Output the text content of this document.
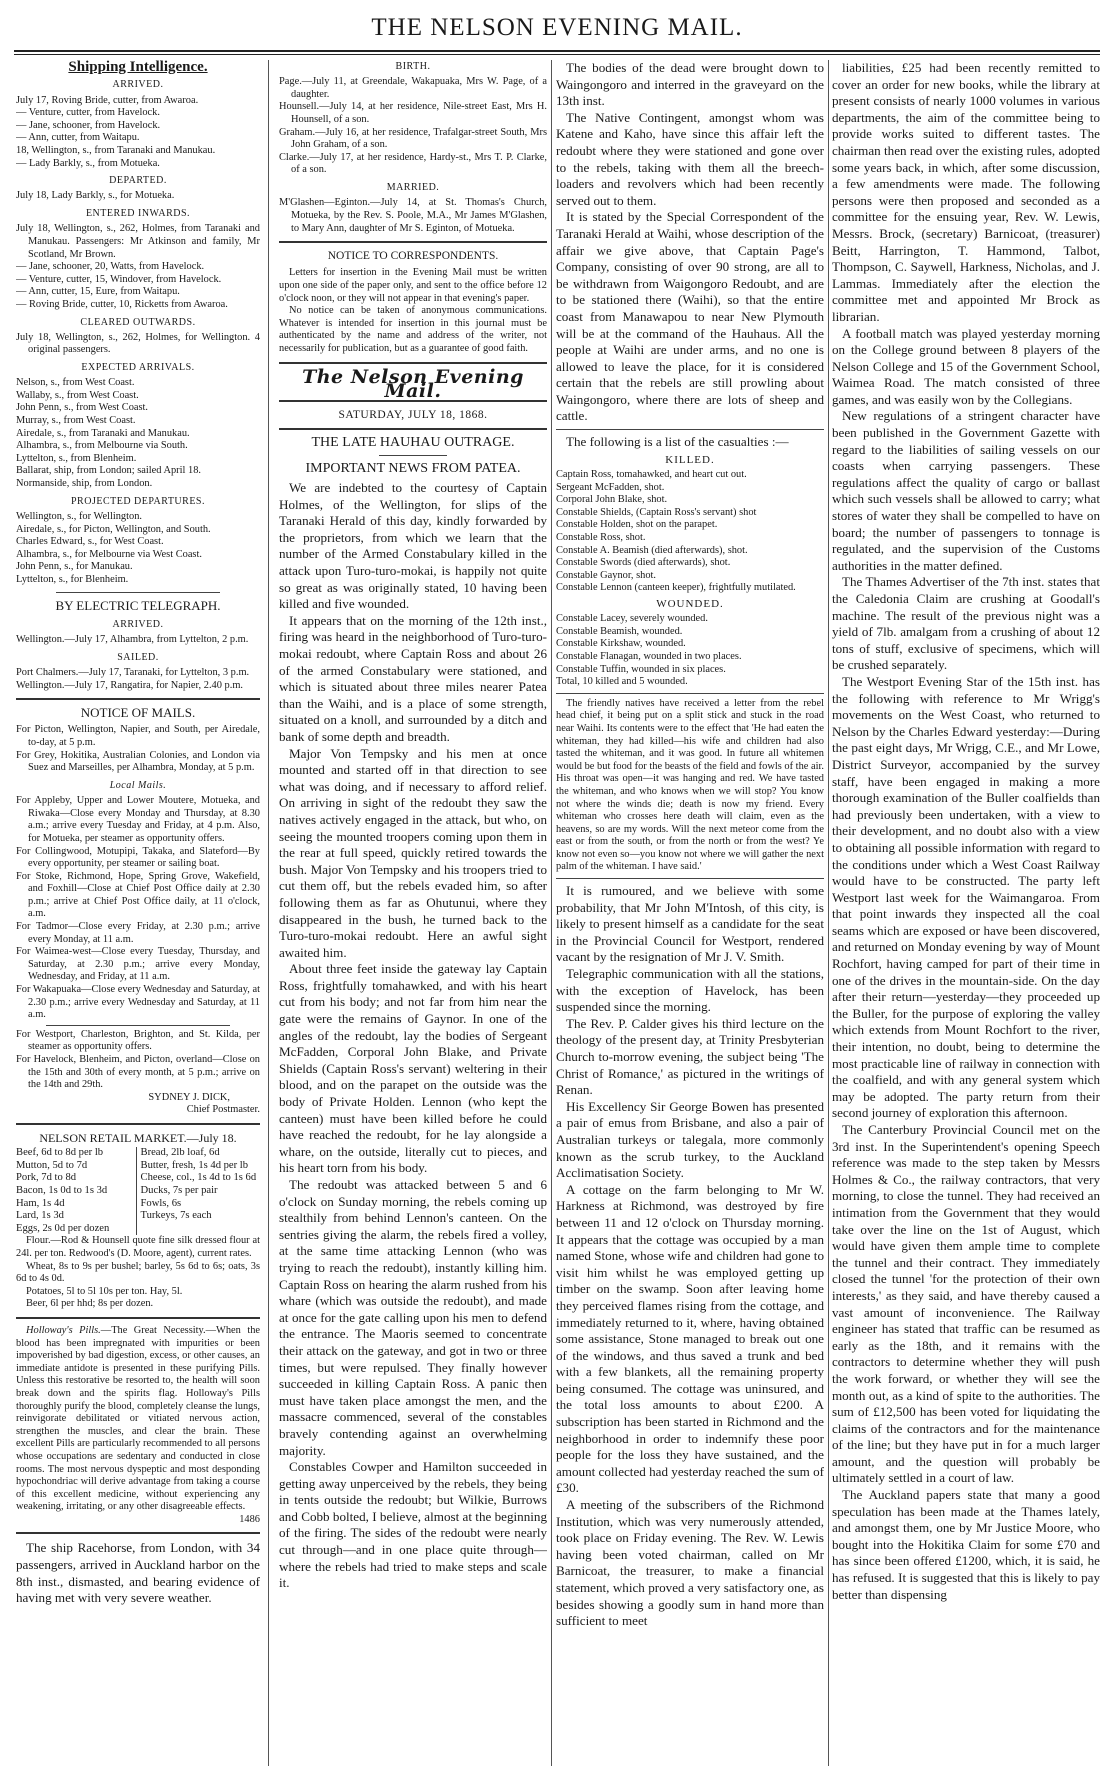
THE NELSON EVENING MAIL.
Shipping Intelligence.
ARRIVED.

July 17, Roving Bride, cutter, from Awaroa.

— Venture, cutter, from Havelock.

— Jane, schooner, from Havelock.

— Ann, cutter, from Waitapu.

18, Wellington, s., from Taranaki and Manukau.

— Lady Barkly, s., from Motueka.

DEPARTED.

July 18, Lady Barkly, s., for Motueka.

ENTERED INWARDS.

July 18, Wellington, s., 262, Holmes, from Taranaki and Manukau. Passengers: Mr Atkinson and family, Mr Scotland, Mr Brown.

— Jane, schooner, 20, Watts, from Havelock.

— Venture, cutter, 15, Windover, from Havelock.

— Ann, cutter, 15, Eure, from Waitapu.

— Roving Bride, cutter, 10, Ricketts from Awaroa.

CLEARED OUTWARDS.

July 18, Wellington, s., 262, Holmes, for Wellington. 4 original passengers.

EXPECTED ARRIVALS.

Nelson, s., from West Coast.

Wallaby, s., from West Coast.

John Penn, s., from West Coast.

Murray, s., from West Coast.

Airedale, s., from Taranaki and Manukau.

Alhambra, s., from Melbourne via South.

Lyttelton, s., from Blenheim.

Ballarat, ship, from London; sailed April 18.

Normanside, ship, from London.

PROJECTED DEPARTURES.

Wellington, s., for Wellington.

Airedale, s., for Picton, Wellington, and South.

Charles Edward, s., for West Coast.

Alhambra, s., for Melbourne via West Coast.

John Penn, s., for Manukau.

Lyttelton, s., for Blenheim.

BY ELECTRIC TELEGRAPH.
ARRIVED.

Wellington.—July 17, Alhambra, from Lyttelton, 2 p.m.

SAILED.

Port Chalmers.—July 17, Taranaki, for Lyttelton, 3 p.m.

Wellington.—July 17, Rangatira, for Napier, 2.40 p.m.

NOTICE OF MAILS.

For Picton, Wellington, Napier, and South, per Airedale, to-day, at 5 p.m.

For Grey, Hokitika, Australian Colonies, and London via Suez and Marseilles, per Alhambra, Monday, at 5 p.m.

Local Mails.

For Appleby, Upper and Lower Moutere, Motueka, and Riwaka—Close every Monday and Thursday, at 8.30 a.m.; arrive every Tuesday and Friday, at 4 p.m. Also, for Motueka, per steamer as opportunity offers.

For Collingwood, Motupipi, Takaka, and Slateford—By every opportunity, per steamer or sailing boat.

For Stoke, Richmond, Hope, Spring Grove, Wakefield, and Foxhill—Close at Chief Post Office daily at 2.30 p.m.; arrive at Chief Post Office daily, at 11 o'clock, a.m.

For Tadmor—Close every Friday, at 2.30 p.m.; arrive every Monday, at 11 a.m.

For Waimea-west—Close every Tuesday, Thursday, and Saturday, at 2.30 p.m.; arrive every Monday, Wednesday, and Friday, at 11 a.m.

For Wakapuaka—Close every Wednesday and Saturday, at 2.30 p.m.; arrive every Wednesday and Saturday, at 11 a.m.

For Westport, Charleston, Brighton, and St. Kilda, per steamer as opportunity offers.

For Havelock, Blenheim, and Picton, overland—Close on the 15th and 30th of every month, at 5 p.m.; arrive on the 14th and 29th.

SYDNEY J. DICK,

Chief Postmaster.

NELSON RETAIL MARKET.—July 18.

Beef, 6d to 8d per lb

Mutton, 5d to 7d

Pork, 7d to 8d

Bacon, 1s 0d to 1s 3d

Ham, 1s 4d

Lard, 1s 3d

Eggs, 2s 0d per dozen

Bread, 2lb loaf, 6d

Butter, fresh, 1s 4d per lb

Cheese, col., 1s 4d to 1s 6d

Ducks, 7s per pair

Fowls, 6s

Turkeys, 7s each

Flour.—Rod & Hounsell quote fine silk dressed flour at 24l. per ton. Redwood's (D. Moore, agent), current rates.

Wheat, 8s to 9s per bushel; barley, 5s 6d to 6s; oats, 3s 6d to 4s 0d.

Potatoes, 5l to 5l 10s per ton. Hay, 5l.

Beer, 6l per hhd; 8s per dozen.

Holloway's Pills.—The Great Necessity.—When the blood has been impregnated with impurities or been impoverished by bad digestion, excess, or other causes, an immediate antidote is presented in these purifying Pills. Unless this restorative be resorted to, the health will soon break down and the spirits flag. Holloway's Pills thoroughly purify the blood, completely cleanse the lungs, reinvigorate debilitated or vitiated nervous action, strengthen the muscles, and clear the brain. These excellent Pills are particularly recommended to all persons whose occupations are sedentary and conducted in close rooms. The most nervous dyspeptic and most desponding hypochondriac will derive advantage from taking a course of this excellent medicine, without experiencing any weakening, irritating, or any other disagreeable effects.

1486

The ship Racehorse, from London, with 34 passengers, arrived in Auckland harbor on the 8th inst., dismasted, and bearing evidence of having met with very severe weather.

BIRTH.

Page.—July 11, at Greendale, Wakapuaka, Mrs W. Page, of a daughter.

Hounsell.—July 14, at her residence, Nile-street East, Mrs H. Hounsell, of a son.

Graham.—July 16, at her residence, Trafalgar-street South, Mrs John Graham, of a son.

Clarke.—July 17, at her residence, Hardy-st., Mrs T. P. Clarke, of a son.

MARRIED.

M'Glashen—Eginton.—July 14, at St. Thomas's Church, Motueka, by the Rev. S. Poole, M.A., Mr James M'Glashen, to Mary Ann, daughter of Mr S. Eginton, of Motueka.

NOTICE TO CORRESPONDENTS.

Letters for insertion in the Evening Mail must be written upon one side of the paper only, and sent to the office before 12 o'clock noon, or they will not appear in that evening's paper.

No notice can be taken of anonymous communications. Whatever is intended for insertion in this journal must be authenticated by the name and address of the writer, not necessarily for publication, but as a guarantee of good faith.

The Nelson Evening Mail.
SATURDAY, JULY 18, 1868.
THE LATE HAUHAU OUTRAGE.
IMPORTANT NEWS FROM PATEA.

We are indebted to the courtesy of Captain Holmes, of the Wellington, for slips of the Taranaki Herald of this day, kindly forwarded by the proprietors, from which we learn that the number of the Armed Constabulary killed in the attack upon Turo-turo-mokai, is happily not quite so great as was originally stated, 10 having been killed and five wounded.

It appears that on the morning of the 12th inst., firing was heard in the neighborhood of Turo-turo-mokai redoubt, where Captain Ross and about 26 of the armed Constabulary were stationed, and which is situated about three miles nearer Patea than the Waihi, and is a place of some strength, situated on a knoll, and surrounded by a ditch and bank of some depth and breadth.

Major Von Tempsky and his men at once mounted and started off in that direction to see what was doing, and if necessary to afford relief. On arriving in sight of the redoubt they saw the natives actively engaged in the attack, but who, on seeing the mounted troopers coming upon them in the rear at full speed, quickly retired towards the bush. Major Von Tempsky and his troopers tried to cut them off, but the rebels evaded him, so after following them as far as Ohutunui, where they disappeared in the bush, he turned back to the Turo-turo-mokai redoubt. Here an awful sight awaited him.

About three feet inside the gateway lay Captain Ross, frightfully tomahawked, and with his heart cut from his body; and not far from him near the gate were the remains of Gaynor. In one of the angles of the redoubt, lay the bodies of Sergeant McFadden, Corporal John Blake, and Private Shields (Captain Ross's servant) weltering in their blood, and on the parapet on the outside was the body of Private Holden. Lennon (who kept the canteen) must have been killed before he could have reached the redoubt, for he lay alongside a whare, on the outside, literally cut to pieces, and his heart torn from his body.

The redoubt was attacked between 5 and 6 o'clock on Sunday morning, the rebels coming up stealthily from behind Lennon's canteen. On the sentries giving the alarm, the rebels fired a volley, at the same time attacking Lennon (who was trying to reach the redoubt), instantly killing him. Captain Ross on hearing the alarm rushed from his whare (which was outside the redoubt), and made at once for the gate calling upon his men to defend the entrance. The Maoris seemed to concentrate their attack on the gateway, and got in two or three times, but were repulsed. They finally however succeeded in killing Captain Ross. A panic then must have taken place amongst the men, and the massacre commenced, several of the constables bravely contending against an overwhelming majority.

Constables Cowper and Hamilton succeeded in getting away unperceived by the rebels, they being in tents outside the redoubt; but Wilkie, Burrows and Cobb bolted, I believe, almost at the beginning of the firing. The sides of the redoubt were nearly cut through—and in one place quite through—where the rebels had tried to make steps and scale it.

The bodies of the dead were brought down to Waingongoro and interred in the graveyard on the 13th inst.

The Native Contingent, amongst whom was Katene and Kaho, have since this affair left the redoubt where they were stationed and gone over to the rebels, taking with them all the breech-loaders and revolvers which had been recently served out to them.

It is stated by the Special Correspondent of the Taranaki Herald at Waihi, whose description of the affair we give above, that Captain Page's Company, consisting of over 90 strong, are all to be withdrawn from Waigongoro Redoubt, and are to be stationed there (Waihi), so that the entire coast from Manawapou to near New Plymouth will be at the command of the Hauhaus. All the people at Waihi are under arms, and no one is allowed to leave the place, for it is considered certain that the rebels are still prowling about Waingongoro, where there are lots of sheep and cattle.

The following is a list of the casualties :—

KILLED.

Captain Ross, tomahawked, and heart cut out.

Sergeant McFadden, shot.

Corporal John Blake, shot.

Constable Shields, (Captain Ross's servant) shot

Constable Holden, shot on the parapet.

Constable Ross, shot.

Constable A. Beamish (died afterwards), shot.

Constable Swords (died afterwards), shot.

Constable Gaynor, shot.

Constable Lennon (canteen keeper), frightfully mutilated.

WOUNDED.

Constable Lacey, severely wounded.

Constable Beamish, wounded.

Constable Kirkshaw, wounded.

Constable Flanagan, wounded in two places.

Constable Tuffin, wounded in six places.

Total, 10 killed and 5 wounded.

The friendly natives have received a letter from the rebel head chief, it being put on a split stick and stuck in the road near Waihi. Its contents were to the effect that 'He had eaten the whiteman, they had killed—his wife and children had also tasted the whiteman, and it was good. In future all whitemen would be but food for the beasts of the field and fowls of the air. His throat was open—it was hanging and red. We have tasted the whiteman, and who knows when we will stop? You know not where the winds die; death is now my friend. Every whiteman who crosses here death will claim, even as the heavens, so are my words. Will the next meteor come from the east or from the south, or from the north or from the west? Ye know not even so—you know not where we will gather the next palm of the whiteman. I have said.'

It is rumoured, and we believe with some probability, that Mr John M'Intosh, of this city, is likely to present himself as a candidate for the seat in the Provincial Council for Westport, rendered vacant by the resignation of Mr J. V. Smith.

Telegraphic communication with all the stations, with the exception of Havelock, has been suspended since the morning.

The Rev. P. Calder gives his third lecture on the theology of the present day, at Trinity Presbyterian Church to-morrow evening, the subject being 'The Christ of Romance,' as pictured in the writings of Renan.

His Excellency Sir George Bowen has presented a pair of emus from Brisbane, and also a pair of Australian turkeys or talegala, more commonly known as the scrub turkey, to the Auckland Acclimatisation Society.

A cottage on the farm belonging to Mr W. Harkness at Richmond, was destroyed by fire between 11 and 12 o'clock on Thursday morning. It appears that the cottage was occupied by a man named Stone, whose wife and children had gone to visit him whilst he was employed getting up timber on the swamp. Soon after leaving home they perceived flames rising from the cottage, and immediately returned to it, where, having obtained some assistance, Stone managed to break out one of the windows, and thus saved a trunk and bed with a few blankets, all the remaining property being consumed. The cottage was uninsured, and the total loss amounts to about £200. A subscription has been started in Richmond and the neighborhood in order to indemnify these poor people for the loss they have sustained, and the amount collected had yesterday reached the sum of £30.

A meeting of the subscribers of the Richmond Institution, which was very numerously attended, took place on Friday evening. The Rev. W. Lewis having been voted chairman, called on Mr Barnicoat, the treasurer, to make a financial statement, which proved a very satisfactory one, as besides showing a goodly sum in hand more than sufficient to meet

liabilities, £25 had been recently remitted to cover an order for new books, while the library at present consists of nearly 1000 volumes in various departments, the aim of the committee being to provide works suited to different tastes. The chairman then read over the existing rules, adopted some years back, in which, after some discussion, a few amendments were made. The following persons were then proposed and seconded as a committee for the ensuing year, Rev. W. Lewis, Messrs. Brock, (secretary) Barnicoat, (treasurer) Beitt, Harrington, T. Hammond, Talbot, Thompson, C. Saywell, Harkness, Nicholas, and J. Lammas. Immediately after the election the committee met and appointed Mr Brock as librarian.

A football match was played yesterday morning on the College ground between 8 players of the Nelson College and 15 of the Government School, Waimea Road. The match consisted of three games, and was easily won by the Collegians.

New regulations of a stringent character have been published in the Government Gazette with regard to the liabilities of sailing vessels on our coasts when carrying passengers. These regulations affect the quality of cargo or ballast which such vessels shall be allowed to carry; what stores of water they shall be compelled to have on board; the number of passengers to tonnage is regulated, and the supervision of the Customs authorities in the matter defined.

The Thames Advertiser of the 7th inst. states that the Caledonia Claim are crushing at Goodall's machine. The result of the previous night was a yield of 7lb. amalgam from a crushing of about 12 tons of stuff, exclusive of specimens, which will be crushed separately.

The Westport Evening Star of the 15th inst. has the following with reference to Mr Wrigg's movements on the West Coast, who returned to Nelson by the Charles Edward yesterday:—During the past eight days, Mr Wrigg, C.E., and Mr Lowe, District Surveyor, accompanied by the survey staff, have been engaged in making a more thorough examination of the Buller coalfields than had previously been undertaken, with a view to their development, and no doubt also with a view to obtaining all possible information with regard to the conditions under which a West Coast Railway would have to be constructed. The party left Westport last week for the Waimangaroa. From that point inwards they inspected all the coal seams which are exposed or have been discovered, and returned on Monday evening by way of Mount Rochfort, having camped for part of their time in one of the drives in the mountain-side. On the day after their return—yesterday—they proceeded up the Buller, for the purpose of exploring the valley which extends from Mount Rochfort to the river, their intention, no doubt, being to determine the most practicable line of railway in connection with the coalfield, and with any general system which may be adopted. The party return from their second journey of exploration this afternoon.

The Canterbury Provincial Council met on the 3rd inst. In the Superintendent's opening Speech reference was made to the step taken by Messrs Holmes & Co., the railway contractors, that very morning, to close the tunnel. They had received an intimation from the Government that they would take over the line on the 1st of August, which would have given them ample time to complete the tunnel and their contract. They immediately closed the tunnel 'for the protection of their own interests,' as they said, and have thereby caused a vast amount of inconvenience. The Railway engineer has stated that traffic can be resumed as early as the 18th, and it remains with the contractors to determine whether they will push the work forward, or whether they will see the month out, as a kind of spite to the authorities. The sum of £12,500 has been voted for liquidating the claims of the contractors and for the maintenance of the line; but they have put in for a much larger amount, and the question will probably be ultimately settled in a court of law.

The Auckland papers state that many a good speculation has been made at the Thames lately, and amongst them, one by Mr Justice Moore, who bought into the Hokitika Claim for some £70 and has since been offered £1200, which, it is said, he has refused. It is suggested that this is likely to pay better than dispensing
